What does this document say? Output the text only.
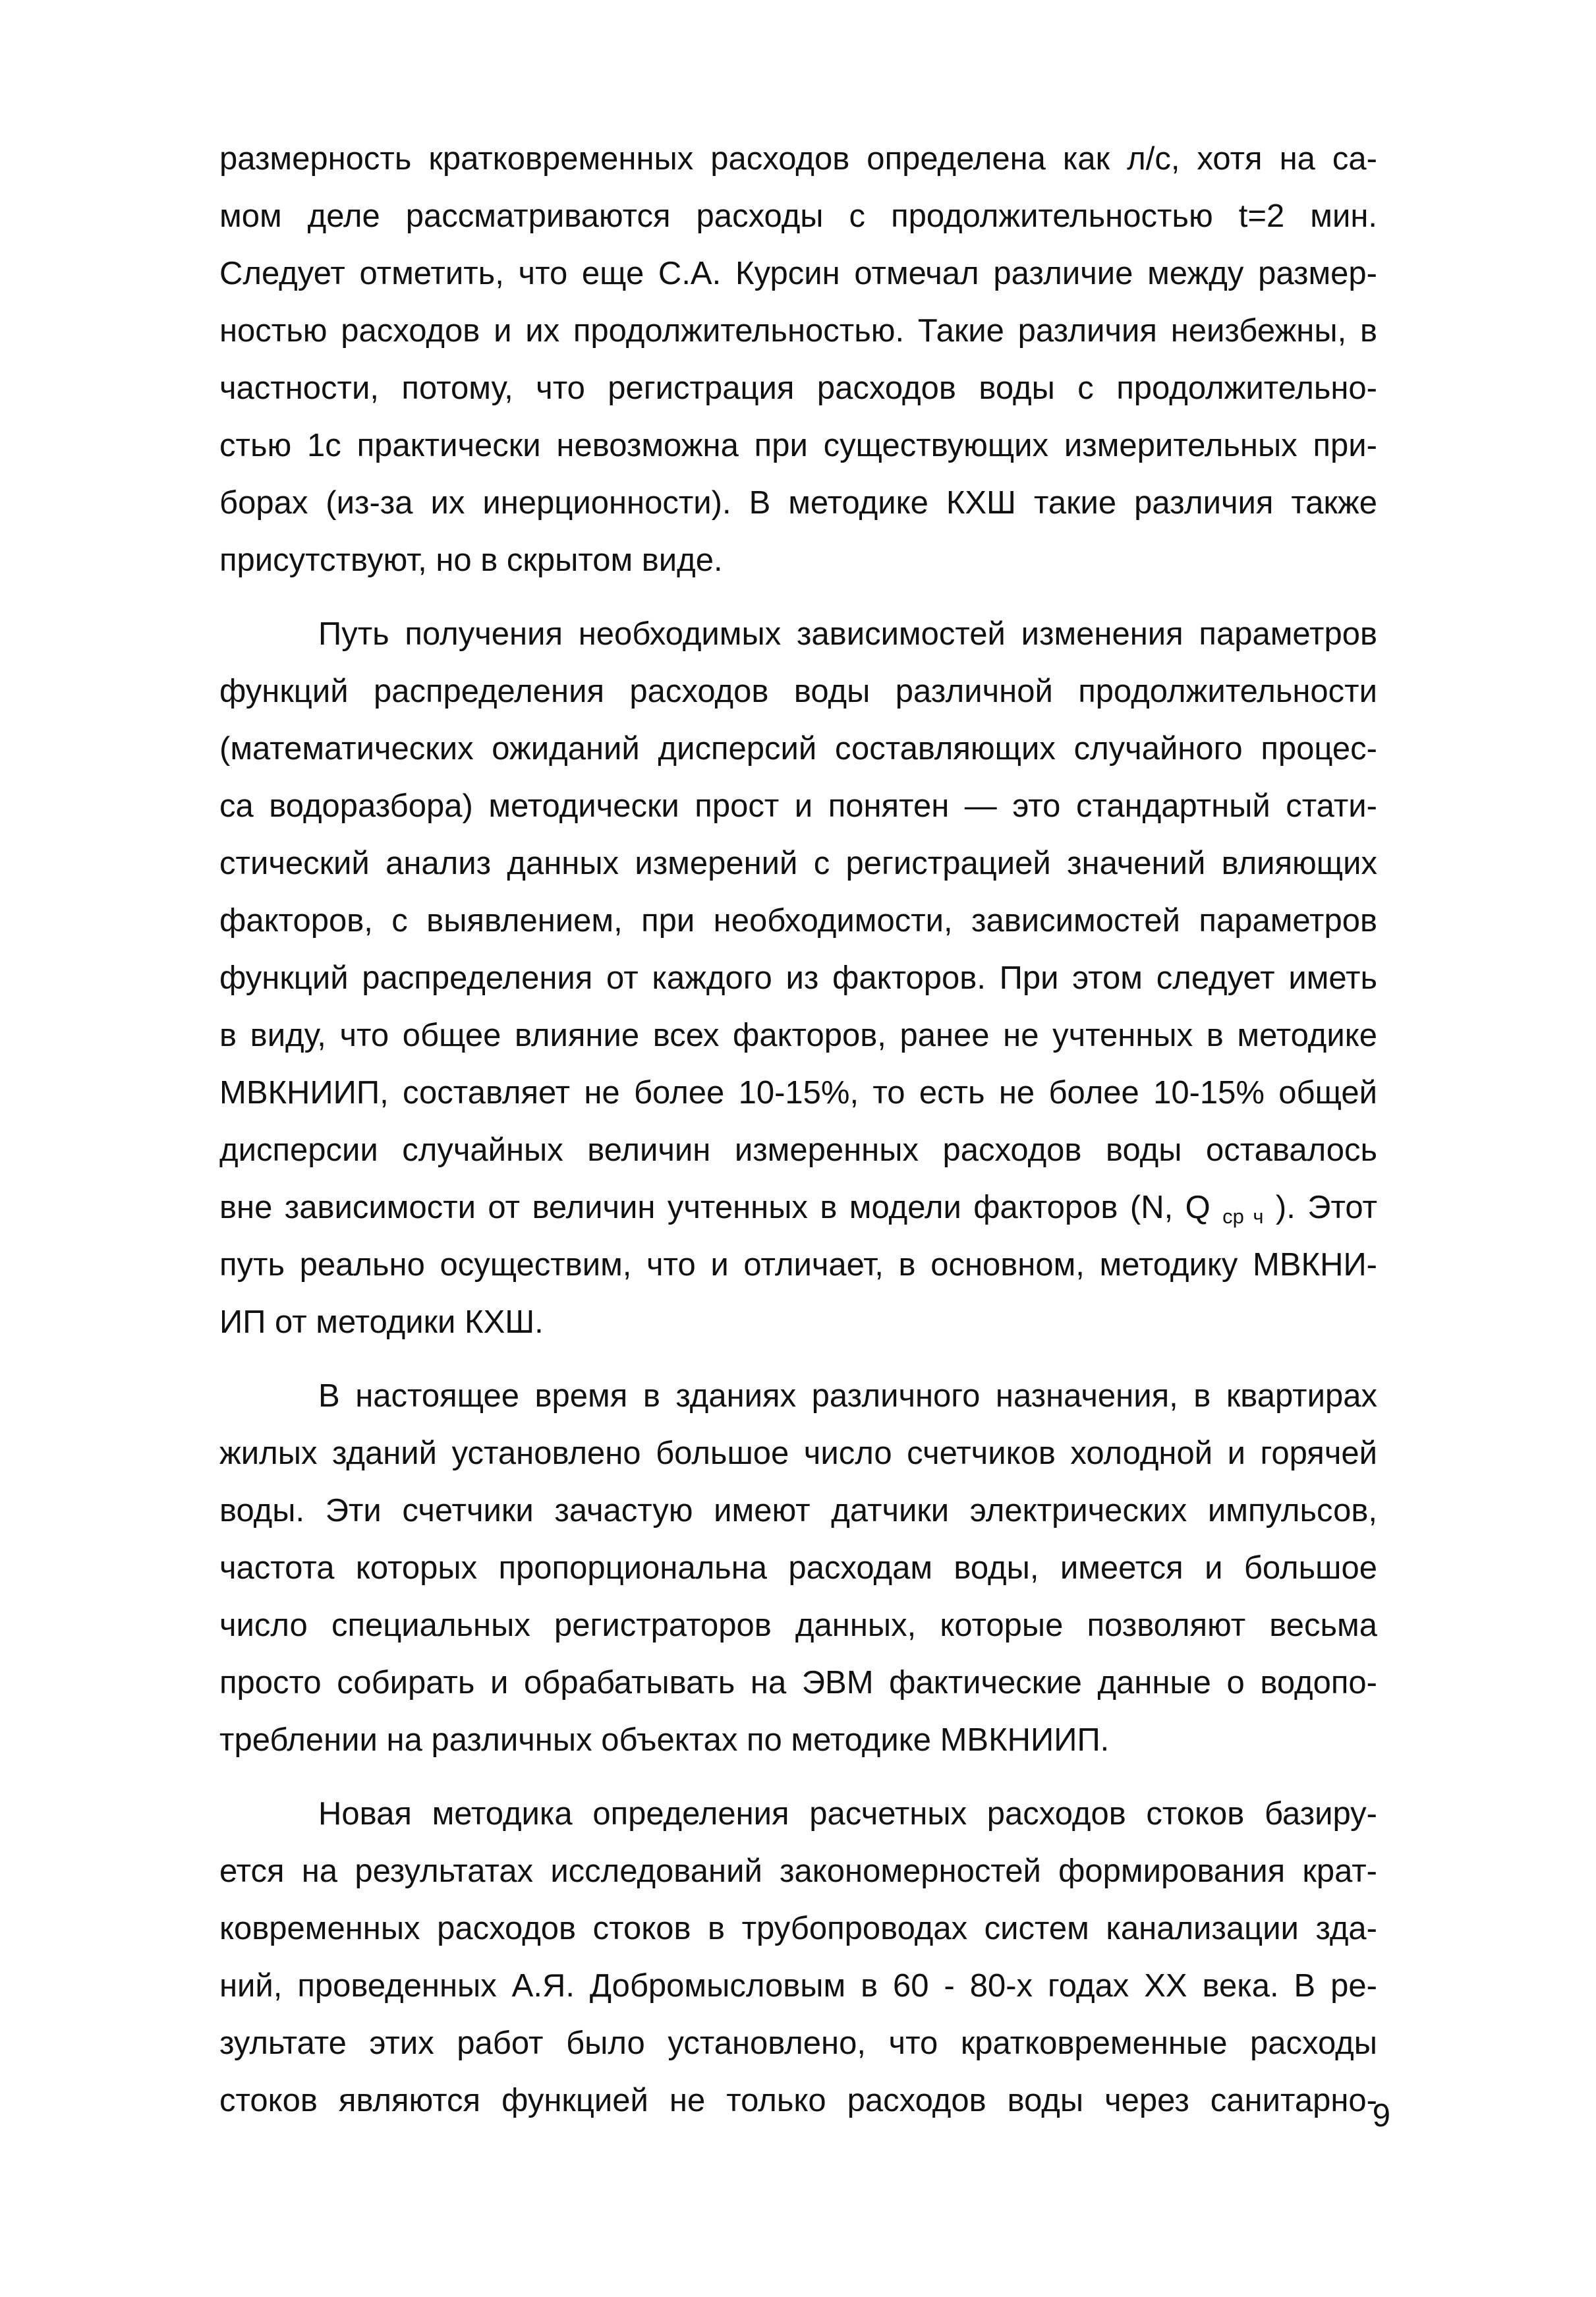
размерность кратковременных расходов определена как л/с, хотя на са-
мом деле рассматриваются расходы с продолжительностью t=2 мин.
Следует отметить, что еще С.А. Курсин отмечал различие между размер-
ностью расходов и их продолжительностью. Такие различия неизбежны, в
частности, потому, что регистрация расходов воды с продолжительно-
стью 1с практически невозможна при существующих измерительных при-
борах (из-за их инерционности). В методике КХШ такие различия также
присутствуют, но в скрытом виде.
Путь получения необходимых зависимостей изменения параметров
функций распределения расходов воды различной продолжительности
(математических ожиданий дисперсий составляющих случайного процес-
са водоразбора) методически прост и понятен — это стандартный стати-
стический анализ данных измерений с регистрацией значений влияющих
факторов, с выявлением, при необходимости, зависимостей параметров
функций распределения от каждого из факторов. При этом следует иметь
в виду, что общее влияние всех факторов, ранее не учтенных в методике
МВКНИИП, составляет не более 10-15%, то есть не более 10-15% общей
дисперсии случайных величин измеренных расходов воды оставалось
вне зависимости от величин учтенных в модели факторов (N, Q $_{ср ч}$ ). Этот
путь реально осуществим, что и отличает, в основном, методику МВКНИ-
ИП от методики КХШ.
В настоящее время в зданиях различного назначения, в квартирах
жилых зданий установлено большое число счетчиков холодной и горячей
воды. Эти счетчики зачастую имеют датчики электрических импульсов,
частота которых пропорциональна расходам воды, имеется и большое
число специальных регистраторов данных, которые позволяют весьма
просто собирать и обрабатывать на ЭВМ фактические данные о водопо-
треблении на различных объектах по методике МВКНИИП.
Новая методика определения расчетных расходов стоков базиру-
ется на результатах исследований закономерностей формирования крат-
ковременных расходов стоков в трубопроводах систем канализации зда-
ний, проведенных А.Я. Добромысловым в 60 - 80-х годах XX века. В ре-
зультате этих работ было установлено, что кратковременные расходы
стоков являются функцией не только расходов воды через санитарно-
9
